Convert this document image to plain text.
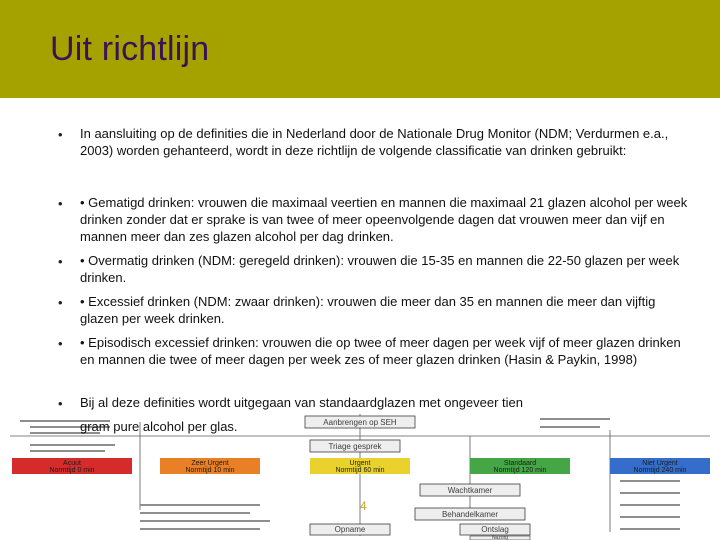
Uit richtlijn
Aanbrengen op SEH
Triage gesprek
Acuut
Normtijd 0 min
Zeer Urgent
Normtijd 10 min
Urgent
Normtijd 60 min
Standaard
Normtijd 120 min
Niet Urgent
Normtijd 240 min
Wachtkamer
Behandelkamer
Opname	Ontslag
Nazorg
4
• In aansluiting op de definities die in Nederland door de Nationale Drug Monitor (NDM; Verdurmen e.a., 2003) worden gehanteerd, wordt in deze richtlijn de volgende classificatie van drinken gebruikt:
• • Gematigd drinken: vrouwen die maximaal veertien en mannen die maximaal 21 glazen alcohol per week drinken zonder dat er sprake is van twee of meer opeenvolgende dagen dat vrouwen meer dan vijf en mannen meer dan zes glazen alcohol per dag drinken.
• • Overmatig drinken (NDM: geregeld drinken): vrouwen die 15-35 en mannen die 22-50 glazen per week drinken.
• • Excessief drinken (NDM: zwaar drinken): vrouwen die meer dan 35 en mannen die meer dan vijftig glazen per week drinken.
• • Episodisch excessief drinken: vrouwen die op twee of meer dagen per week vijf of meer glazen drinken en mannen die twee of meer dagen per week zes of meer glazen drinken (Hasin & Paykin, 1998)
• Bij al deze definities wordt uitgegaan van standaardglazen met ongeveer tien
gram pure alcohol per glas.
